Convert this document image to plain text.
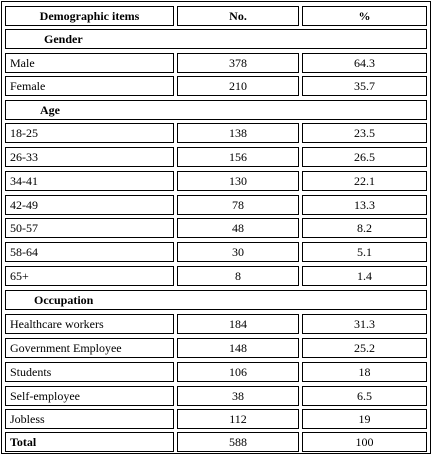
Demographic items	No.	%
Gender
Male	378	64.3
Female	210	35.7
Age
18-25	138	23.5
26-33	156	26.5
34-41	130	22.1
42-49	78	13.3
50-57	48	8.2
58-64	30	5.1
65+	8	1.4
Occupation
Healthcare workers	184	31.3
Government Employee	148	25.2
Students	106	18
Self-employee	38	6.5
Jobless	112	19
Total	588	100
